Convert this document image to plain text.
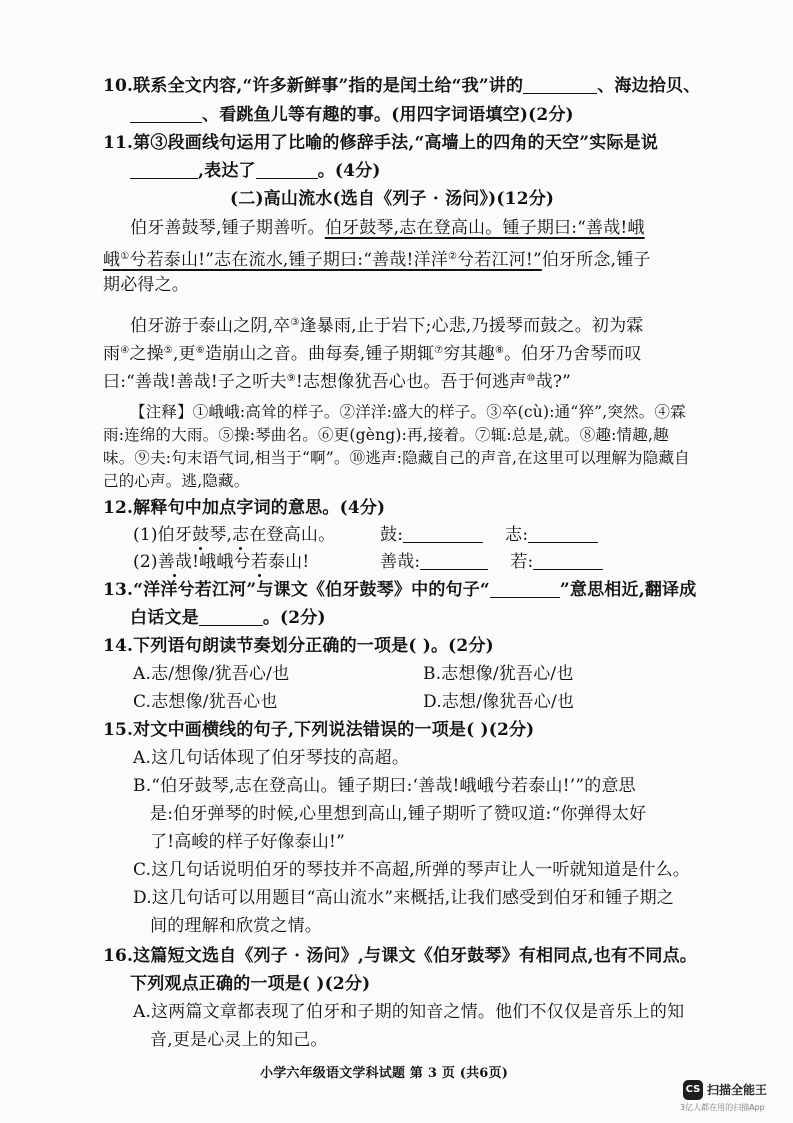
10.联系全文内容,“许多新鲜事”指的是闰土给“我”讲的	、海边拾贝、
、看跳鱼儿等有趣的事。(用四字词语填空)(2分)
11.第③段画线句运用了比喻的修辞手法,“高墙上的四角的天空”实际是说
,表达了	。(4分)
(二)高山流水(选自《列子 · 汤问》)(12分)
伯牙善鼓琴,锺子期善听。伯牙鼓琴,志在登高山。锺子期曰:“善哉!峨
峨①兮若泰山!”志在流水,锺子期曰:“善哉!洋洋②兮若江河!”伯牙所念,锺子
期必得之。
伯牙游于泰山之阴,卒③逢暴雨,止于岩下;心悲,乃援琴而鼓之。初为霖
雨④之操⑤,更⑥造崩山之音。曲每奏,锺子期辄⑦穷其趣⑧。伯牙乃舍琴而叹
曰:“善哉!善哉!子之听夫⑨!志想像犹吾心也。吾于何逃声⑩哉?”
【注释】①峨峨:高耸的样子。②洋洋:盛大的样子。③卒(cù):通“猝”,突然。④霖
雨:连绵的大雨。⑤操:琴曲名。⑥更(gèng):再,接着。⑦辄:总是,就。⑧趣:情趣,趣
味。⑨夫:句末语气词,相当于“啊”。⑩逃声:隐藏自己的声音,在这里可以理解为隐藏自
己的心声。逃,隐藏。
12.解释句中加点字词的意思。(4分)
(1)伯牙鼓琴,志在登高山。	鼓:	志:
(2)善哉!峨峨兮若泰山!	善哉:	若:
13.“洋洋兮若江河”与课文《伯牙鼓琴》中的句子“	”意思相近,翻译成
白话文是	。(2分)
14.下列语句朗读节奏划分正确的一项是( )。(2分)
A.志/想像/犹吾心/也	B.志想像/犹吾心/也
C.志想像/犹吾心也	D.志想/像犹吾心/也
15.对文中画横线的句子,下列说法错误的一项是( )(2分)
A.这几句话体现了伯牙琴技的高超。
B.“伯牙鼓琴,志在登高山。锺子期曰:‘善哉!峨峨兮若泰山!’”的意思
是:伯牙弹琴的时候,心里想到高山,锺子期听了赞叹道:“你弹得太好
了!高峻的样子好像泰山!”
C.这几句话说明伯牙的琴技并不高超,所弹的琴声让人一听就知道是什么。
D.这几句话可以用题目“高山流水”来概括,让我们感受到伯牙和锺子期之
间的理解和欣赏之情。
16.这篇短文选自《列子 · 汤问》,与课文《伯牙鼓琴》有相同点,也有不同点。
下列观点正确的一项是( )(2分)
A.这两篇文章都表现了伯牙和子期的知音之情。他们不仅仅是音乐上的知
音,更是心灵上的知己。
小学六年级语文学科试题 第 3 页 (共6页)
CS 扫描全能王
3亿人都在用的扫描App
